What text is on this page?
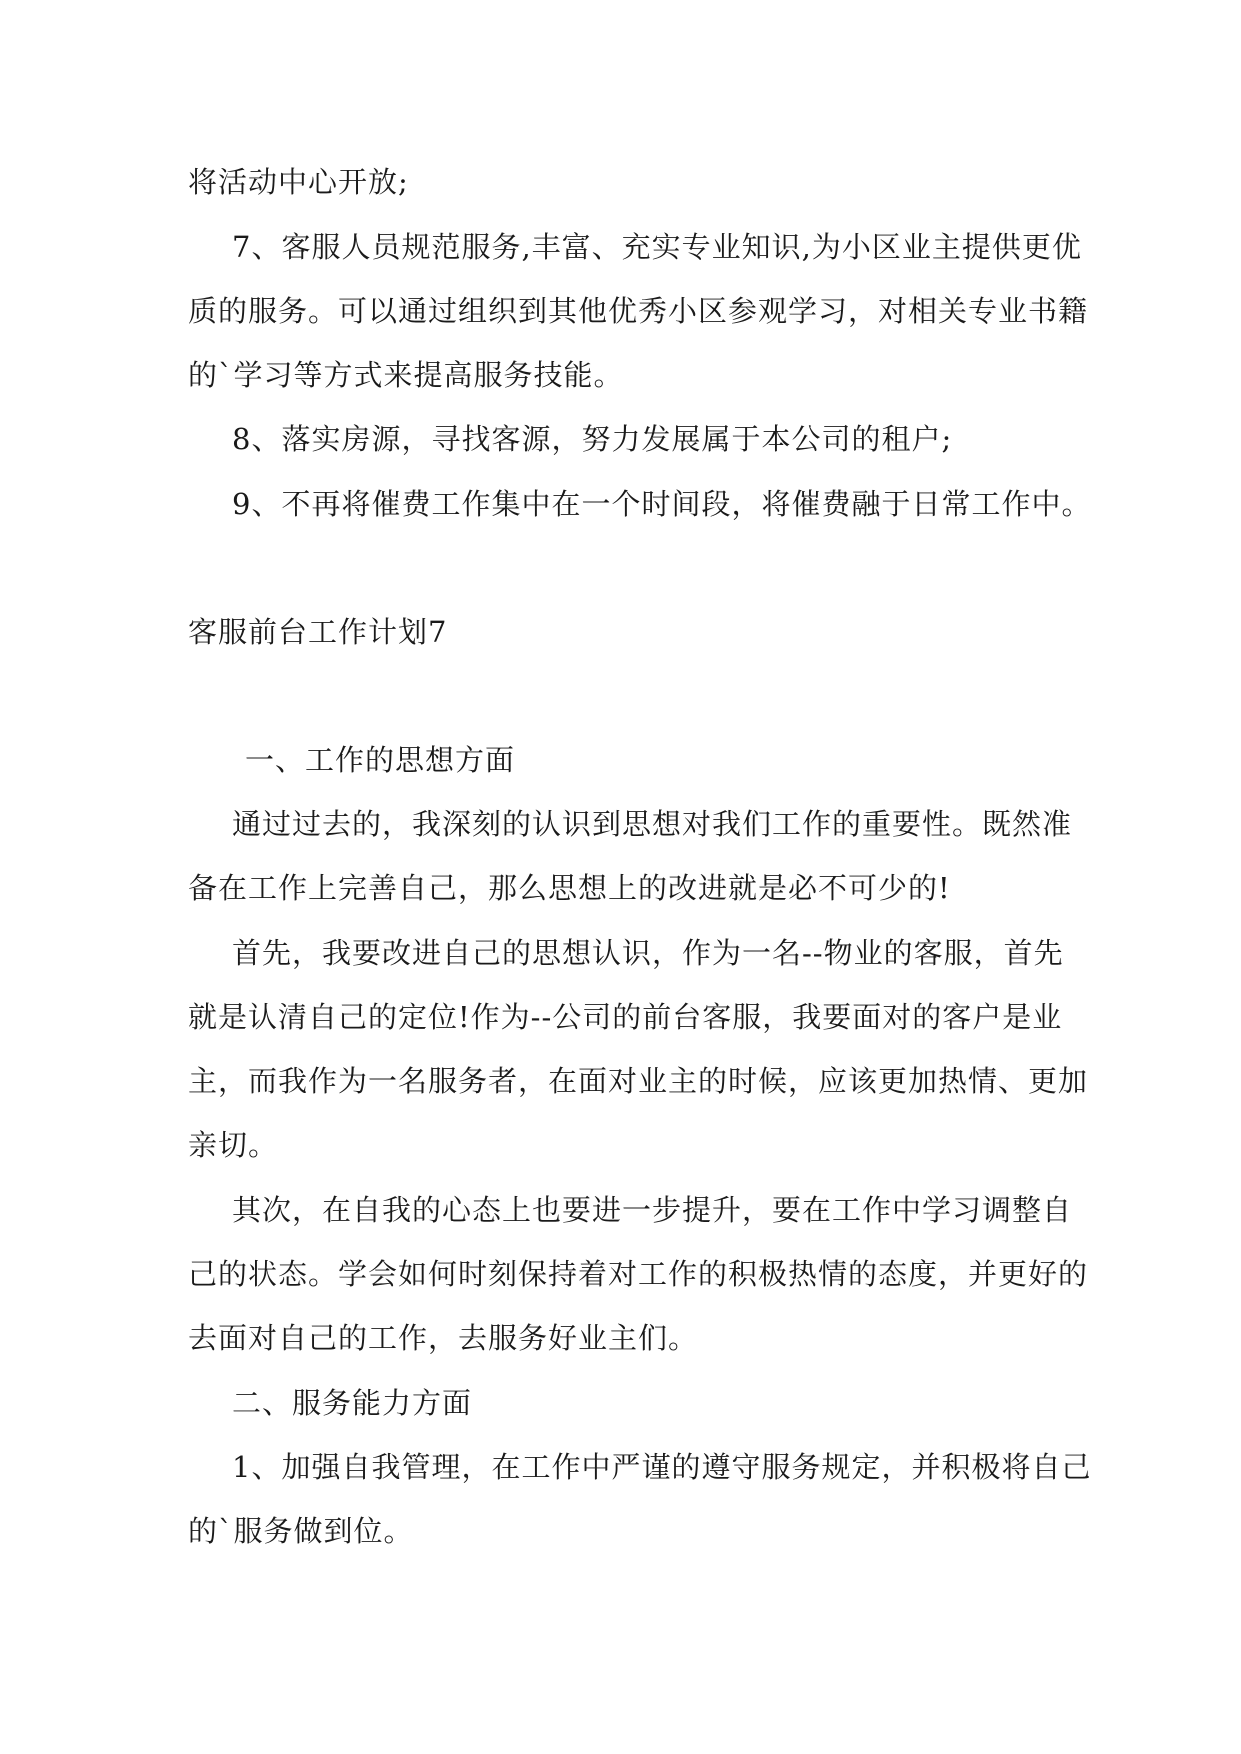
将活动中心开放;
7、客服人员规范服务,丰富、充实专业知识,为小区业主提供更优
质的服务。可以通过组织到其他优秀小区参观学习，对相关专业书籍
的`学习等方式来提高服务技能。
8、落实房源，寻找客源，努力发展属于本公司的租户;
9、不再将催费工作集中在一个时间段，将催费融于日常工作中。
客服前台工作计划7
一、工作的思想方面
通过过去的，我深刻的认识到思想对我们工作的重要性。既然准
备在工作上完善自己，那么思想上的改进就是必不可少的!
首先，我要改进自己的思想认识，作为一名--物业的客服，首先
就是认清自己的定位!作为--公司的前台客服，我要面对的客户是业
主，而我作为一名服务者，在面对业主的时候，应该更加热情、更加
亲切。
其次，在自我的心态上也要进一步提升，要在工作中学习调整自
己的状态。学会如何时刻保持着对工作的积极热情的态度，并更好的
去面对自己的工作，去服务好业主们。
二、服务能力方面
1、加强自我管理，在工作中严谨的遵守服务规定，并积极将自己
的`服务做到位。
